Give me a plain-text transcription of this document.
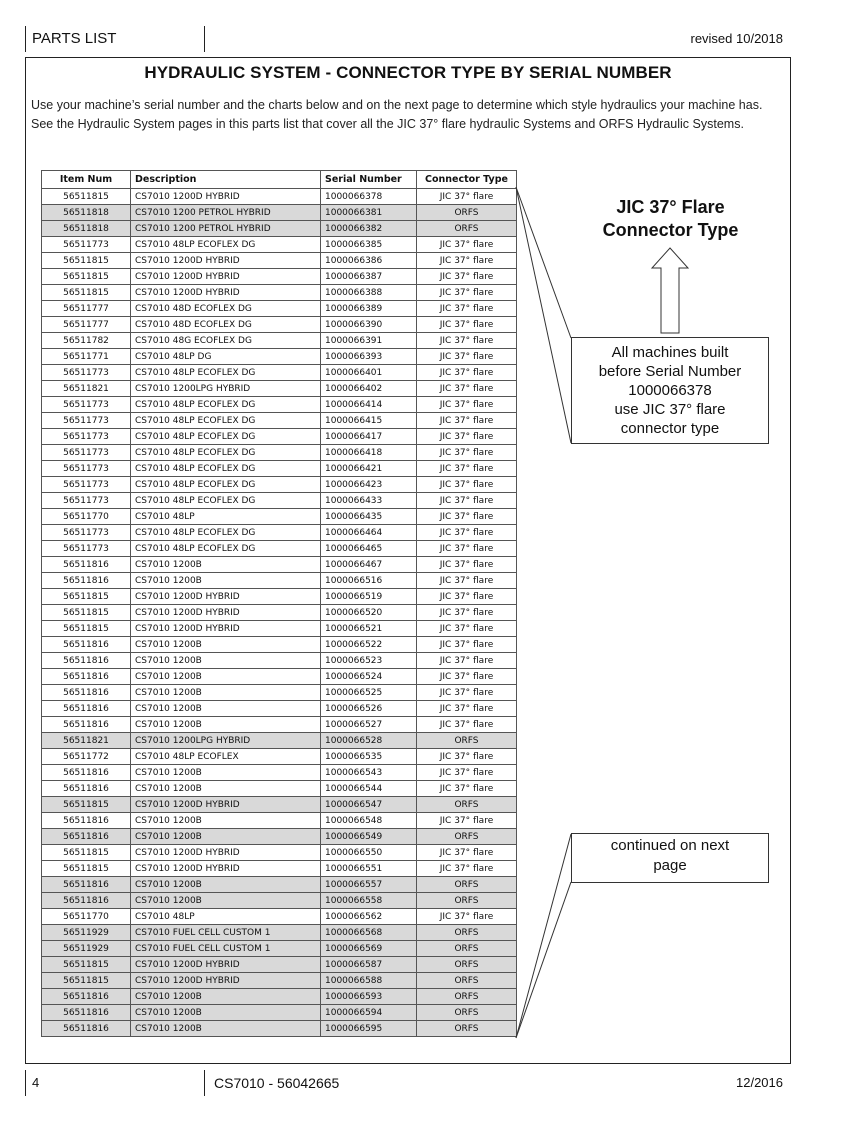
PARTS LIST	revised 10/2018
HYDRAULIC SYSTEM - CONNECTOR TYPE BY SERIAL NUMBER
Use your machine’s serial number and the charts below and on the next page to determine which style hydraulics your machine has.
See the Hydraulic System pages in this parts list that cover all the JIC 37° flare hydraulic Systems and ORFS Hydraulic Systems.
Item Num	Description	Serial Number	Connector Type
56511815	CS7010 1200D HYBRID	1000066378	JIC 37° flare
56511818	CS7010 1200 PETROL HYBRID	1000066381	ORFS
56511818	CS7010 1200 PETROL HYBRID	1000066382	ORFS
56511773	CS7010 48LP ECOFLEX DG	1000066385	JIC 37° flare
56511815	CS7010 1200D HYBRID	1000066386	JIC 37° flare
56511815	CS7010 1200D HYBRID	1000066387	JIC 37° flare
56511815	CS7010 1200D HYBRID	1000066388	JIC 37° flare
56511777	CS7010 48D ECOFLEX DG	1000066389	JIC 37° flare
56511777	CS7010 48D ECOFLEX DG	1000066390	JIC 37° flare
56511782	CS7010 48G ECOFLEX DG	1000066391	JIC 37° flare
56511771	CS7010 48LP DG	1000066393	JIC 37° flare
56511773	CS7010 48LP ECOFLEX DG	1000066401	JIC 37° flare
56511821	CS7010 1200LPG HYBRID	1000066402	JIC 37° flare
56511773	CS7010 48LP ECOFLEX DG	1000066414	JIC 37° flare
56511773	CS7010 48LP ECOFLEX DG	1000066415	JIC 37° flare
56511773	CS7010 48LP ECOFLEX DG	1000066417	JIC 37° flare
56511773	CS7010 48LP ECOFLEX DG	1000066418	JIC 37° flare
56511773	CS7010 48LP ECOFLEX DG	1000066421	JIC 37° flare
56511773	CS7010 48LP ECOFLEX DG	1000066423	JIC 37° flare
56511773	CS7010 48LP ECOFLEX DG	1000066433	JIC 37° flare
56511770	CS7010 48LP	1000066435	JIC 37° flare
56511773	CS7010 48LP ECOFLEX DG	1000066464	JIC 37° flare
56511773	CS7010 48LP ECOFLEX DG	1000066465	JIC 37° flare
56511816	CS7010 1200B	1000066467	JIC 37° flare
56511816	CS7010 1200B	1000066516	JIC 37° flare
56511815	CS7010 1200D HYBRID	1000066519	JIC 37° flare
56511815	CS7010 1200D HYBRID	1000066520	JIC 37° flare
56511815	CS7010 1200D HYBRID	1000066521	JIC 37° flare
56511816	CS7010 1200B	1000066522	JIC 37° flare
56511816	CS7010 1200B	1000066523	JIC 37° flare
56511816	CS7010 1200B	1000066524	JIC 37° flare
56511816	CS7010 1200B	1000066525	JIC 37° flare
56511816	CS7010 1200B	1000066526	JIC 37° flare
56511816	CS7010 1200B	1000066527	JIC 37° flare
56511821	CS7010 1200LPG HYBRID	1000066528	ORFS
56511772	CS7010 48LP ECOFLEX	1000066535	JIC 37° flare
56511816	CS7010 1200B	1000066543	JIC 37° flare
56511816	CS7010 1200B	1000066544	JIC 37° flare
56511815	CS7010 1200D HYBRID	1000066547	ORFS
56511816	CS7010 1200B	1000066548	JIC 37° flare
56511816	CS7010 1200B	1000066549	ORFS
56511815	CS7010 1200D HYBRID	1000066550	JIC 37° flare
56511815	CS7010 1200D HYBRID	1000066551	JIC 37° flare
56511816	CS7010 1200B	1000066557	ORFS
56511816	CS7010 1200B	1000066558	ORFS
56511770	CS7010 48LP	1000066562	JIC 37° flare
56511929	CS7010 FUEL CELL CUSTOM 1	1000066568	ORFS
56511929	CS7010 FUEL CELL CUSTOM 1	1000066569	ORFS
56511815	CS7010 1200D HYBRID	1000066587	ORFS
56511815	CS7010 1200D HYBRID	1000066588	ORFS
56511816	CS7010 1200B	1000066593	ORFS
56511816	CS7010 1200B	1000066594	ORFS
56511816	CS7010 1200B	1000066595	ORFS
JIC 37° Flare
Connector Type
All machines built
before Serial Number
1000066378
use JIC 37° flare
connector type
continued on next
page
4	CS7010 - 56042665	12/2016
